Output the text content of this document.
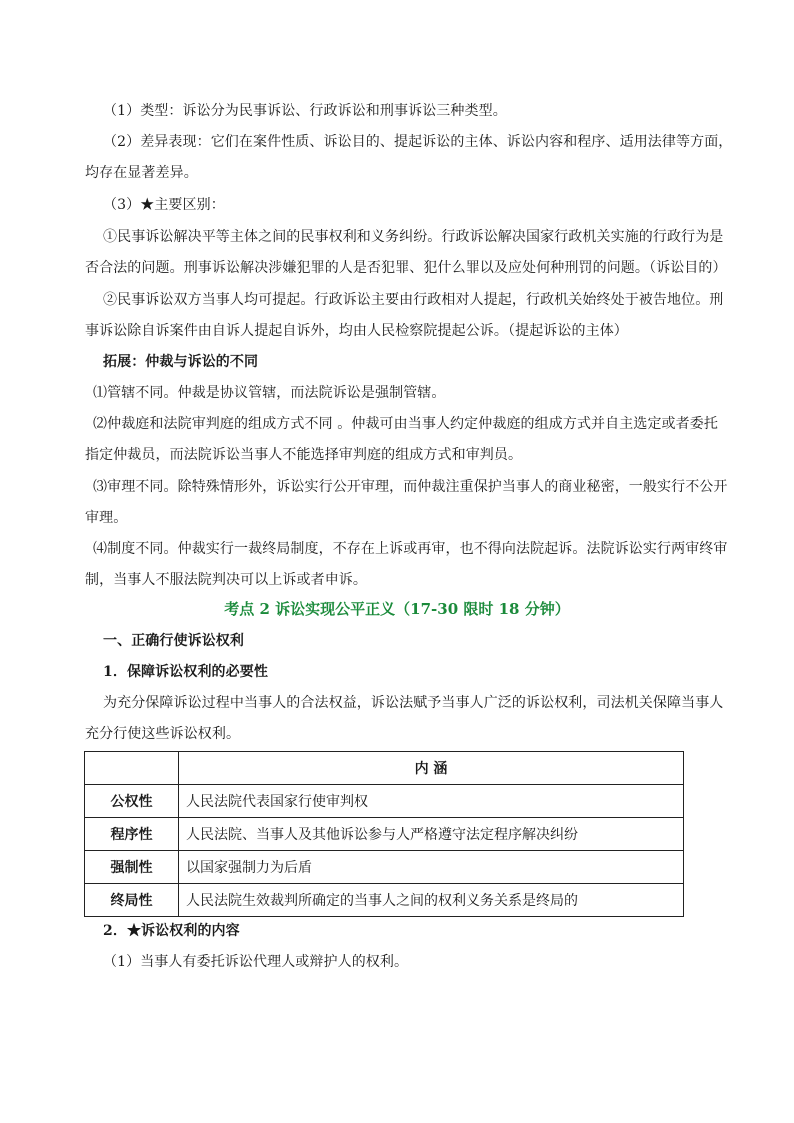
（1）类型：诉讼分为民事诉讼、行政诉讼和刑事诉讼三种类型。
（2）差异表现：它们在案件性质、诉讼目的、提起诉讼的主体、诉讼内容和程序、适用法律等方面，
均存在显著差异。
（3）★主要区别：
①民事诉讼解决平等主体之间的民事权利和义务纠纷。行政诉讼解决国家行政机关实施的行政行为是
否合法的问题。刑事诉讼解决涉嫌犯罪的人是否犯罪、犯什么罪以及应处何种刑罚的问题。（诉讼目的）
②民事诉讼双方当事人均可提起。行政诉讼主要由行政相对人提起，行政机关始终处于被告地位。刑
事诉讼除自诉案件由自诉人提起自诉外，均由人民检察院提起公诉。（提起诉讼的主体）
拓展：仲裁与诉讼的不同
⑴管辖不同。仲裁是协议管辖，而法院诉讼是强制管辖。
⑵仲裁庭和法院审判庭的组成方式不同 。仲裁可由当事人约定仲裁庭的组成方式并自主选定或者委托
指定仲裁员，而法院诉讼当事人不能选择审判庭的组成方式和审判员。
⑶审理不同。除特殊情形外，诉讼实行公开审理，而仲裁注重保护当事人的商业秘密，一般实行不公开
审理。
⑷制度不同。仲裁实行一裁终局制度，不存在上诉或再审，也不得向法院起诉。法院诉讼实行两审终审
制，当事人不服法院判决可以上诉或者申诉。
考点 2 诉讼实现公平正义（17-30 限时 18 分钟）
一、正确行使诉讼权利
1．保障诉讼权利的必要性
为充分保障诉讼过程中当事人的合法权益，诉讼法赋予当事人广泛的诉讼权利，司法机关保障当事人
充分行使这些诉讼权利。
	内 涵
公权性	人民法院代表国家行使审判权
程序性	人民法院、当事人及其他诉讼参与人严格遵守法定程序解决纠纷
强制性	以国家强制力为后盾
终局性	人民法院生效裁判所确定的当事人之间的权利义务关系是终局的
2．★诉讼权利的内容
（1）当事人有委托诉讼代理人或辩护人的权利。
